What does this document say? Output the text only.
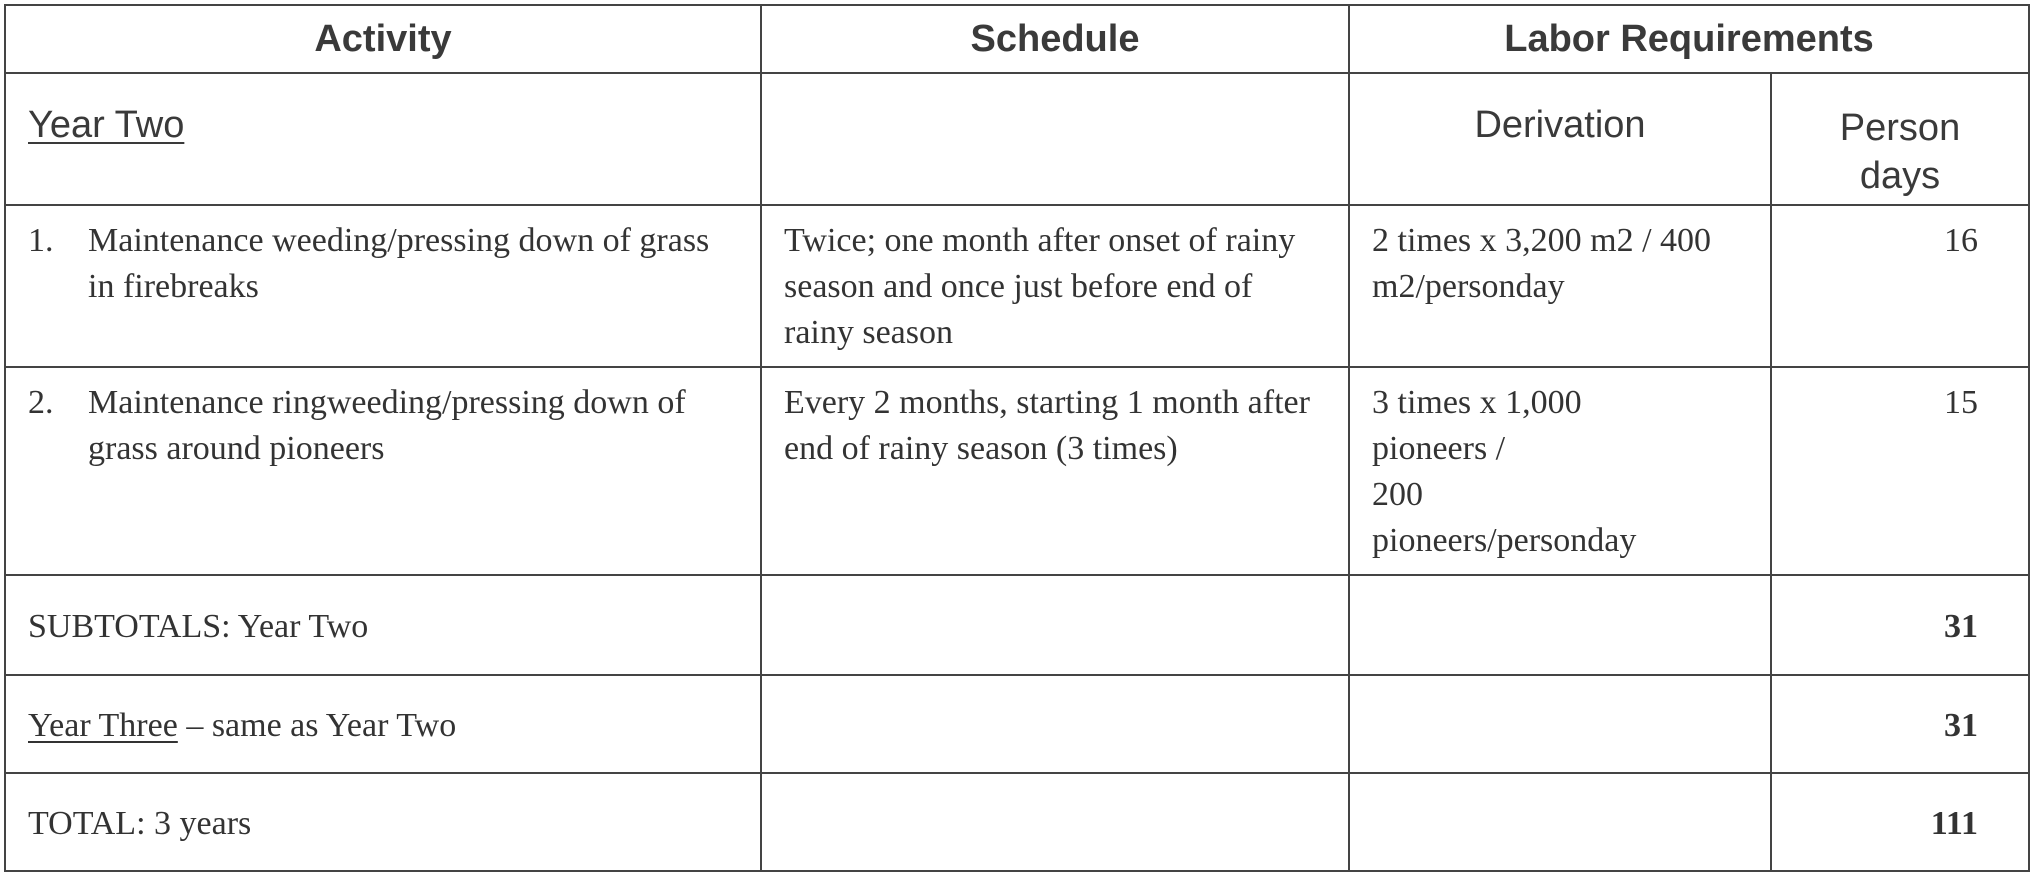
Activity	Schedule	Labor Requirements	
Year Two		Derivation	Person
days

1. Maintenance weeding/pressing down of grass in firebreaks	Twice; one month after onset of rainy season and once just before end of rainy season	2 times x 3,200 m2 / 400 m2/personday	16

2. Maintenance ringweeding/pressing down of grass around pioneers	Every 2 months, starting 1 month after end of rainy season (3 times)	3 times x 1,000
pioneers /
200
pioneers/personday	15
SUBTOTALS: Year Two			31
Year Three – same as Year Two			31
TOTAL: 3 years			111
